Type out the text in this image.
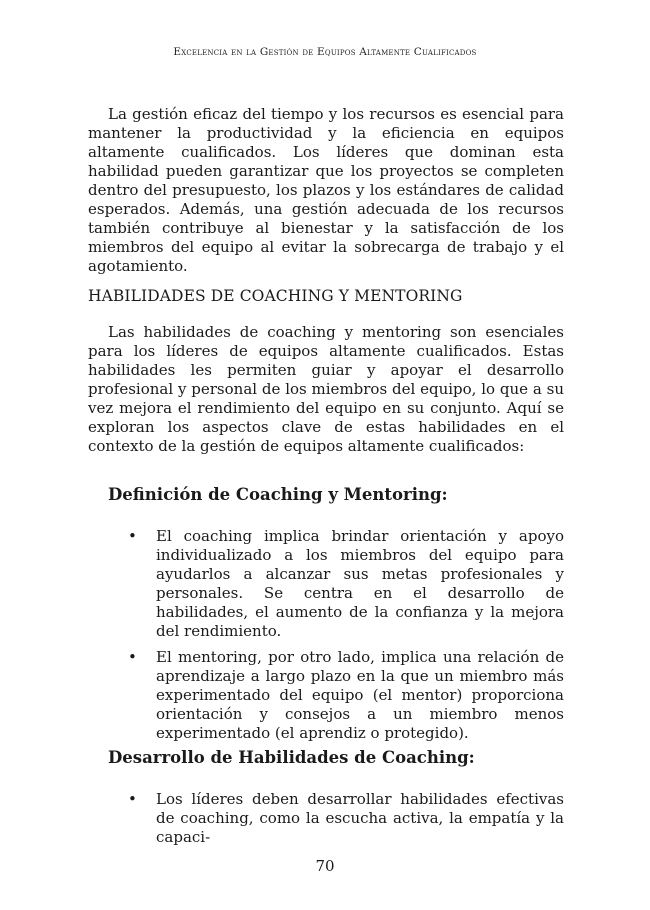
Excelencia en la Gestión de Equipos Altamente Cualificados

La gestión eficaz del tiempo y los recursos es esencial para mantener la productividad y la eficiencia en equipos altamente cualificados. Los líderes que dominan esta habilidad pueden garantizar que los proyectos se completen dentro del presupuesto, los plazos y los estándares de calidad esperados. Además, una gestión adecuada de los recursos también contribuye al bienestar y la satisfacción de los miembros del equipo al evitar la sobrecarga de trabajo y el agotamiento.

HABILIDADES DE COACHING Y MENTORING

Las habilidades de coaching y mentoring son esenciales para los líderes de equipos altamente cualificados. Estas habilidades les permiten guiar y apoyar el desarrollo profesional y personal de los miembros del equipo, lo que a su vez mejora el rendimiento del equipo en su conjunto. Aquí se exploran los aspectos clave de estas habilidades en el contexto de la gestión de equipos altamente cualificados:

Definición de Coaching y Mentoring:
• El coaching implica brindar orientación y apoyo individualizado a los miembros del equipo para ayudarlos a alcanzar sus metas profesionales y personales. Se centra en el desarrollo de habilidades, el aumento de la confianza y la mejora del rendimiento.
• El mentoring, por otro lado, implica una relación de aprendizaje a largo plazo en la que un miembro más experimentado del equipo (el mentor) proporciona orientación y consejos a un miembro menos experimentado (el aprendiz o protegido).
Desarrollo de Habilidades de Coaching:
• Los líderes deben desarrollar habilidades efectivas de coaching, como la escucha activa, la empatía y la capaci-
70
